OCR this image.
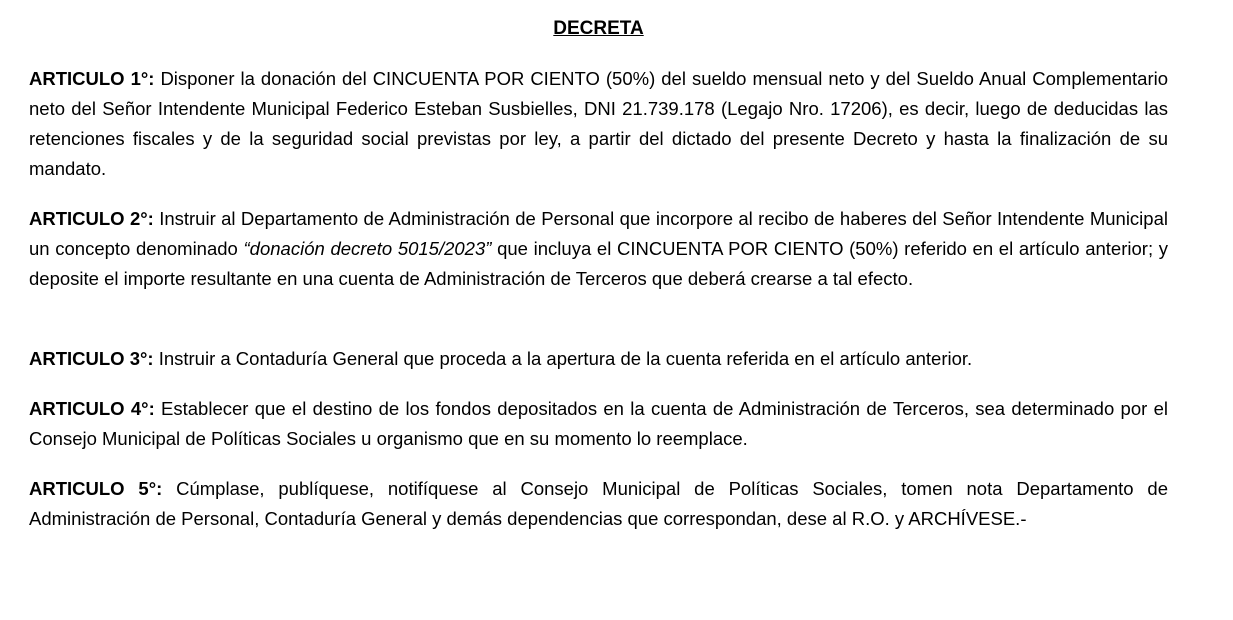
DECRETA
ARTICULO 1°: Disponer la donación del CINCUENTA POR CIENTO (50%) del sueldo mensual neto y del Sueldo Anual Complementario neto del Señor Intendente Municipal Federico Esteban Susbielles, DNI 21.739.178 (Legajo Nro. 17206), es decir, luego de deducidas las retenciones fiscales y de la seguridad social previstas por ley, a partir del dictado del presente Decreto y hasta la finalización de su mandato.
ARTICULO 2°: Instruir al Departamento de Administración de Personal que incorpore al recibo de haberes del Señor Intendente Municipal un concepto denominado “donación decreto 5015/2023” que incluya el CINCUENTA POR CIENTO (50%) referido en el artículo anterior; y deposite el importe resultante en una cuenta de Administración de Terceros que deberá crearse a tal efecto.
ARTICULO 3°: Instruir a Contaduría General que proceda a la apertura de la cuenta referida en el artículo anterior.
ARTICULO 4°: Establecer que el destino de los fondos depositados en la cuenta de Administración de Terceros, sea determinado por el Consejo Municipal de Políticas Sociales u organismo que en su momento lo reemplace.
ARTICULO 5°: Cúmplase, publíquese, notifíquese al Consejo Municipal de Políticas Sociales, tomen nota Departamento de Administración de Personal, Contaduría General y demás dependencias que correspondan, dese al R.O. y ARCHÍVESE.-
